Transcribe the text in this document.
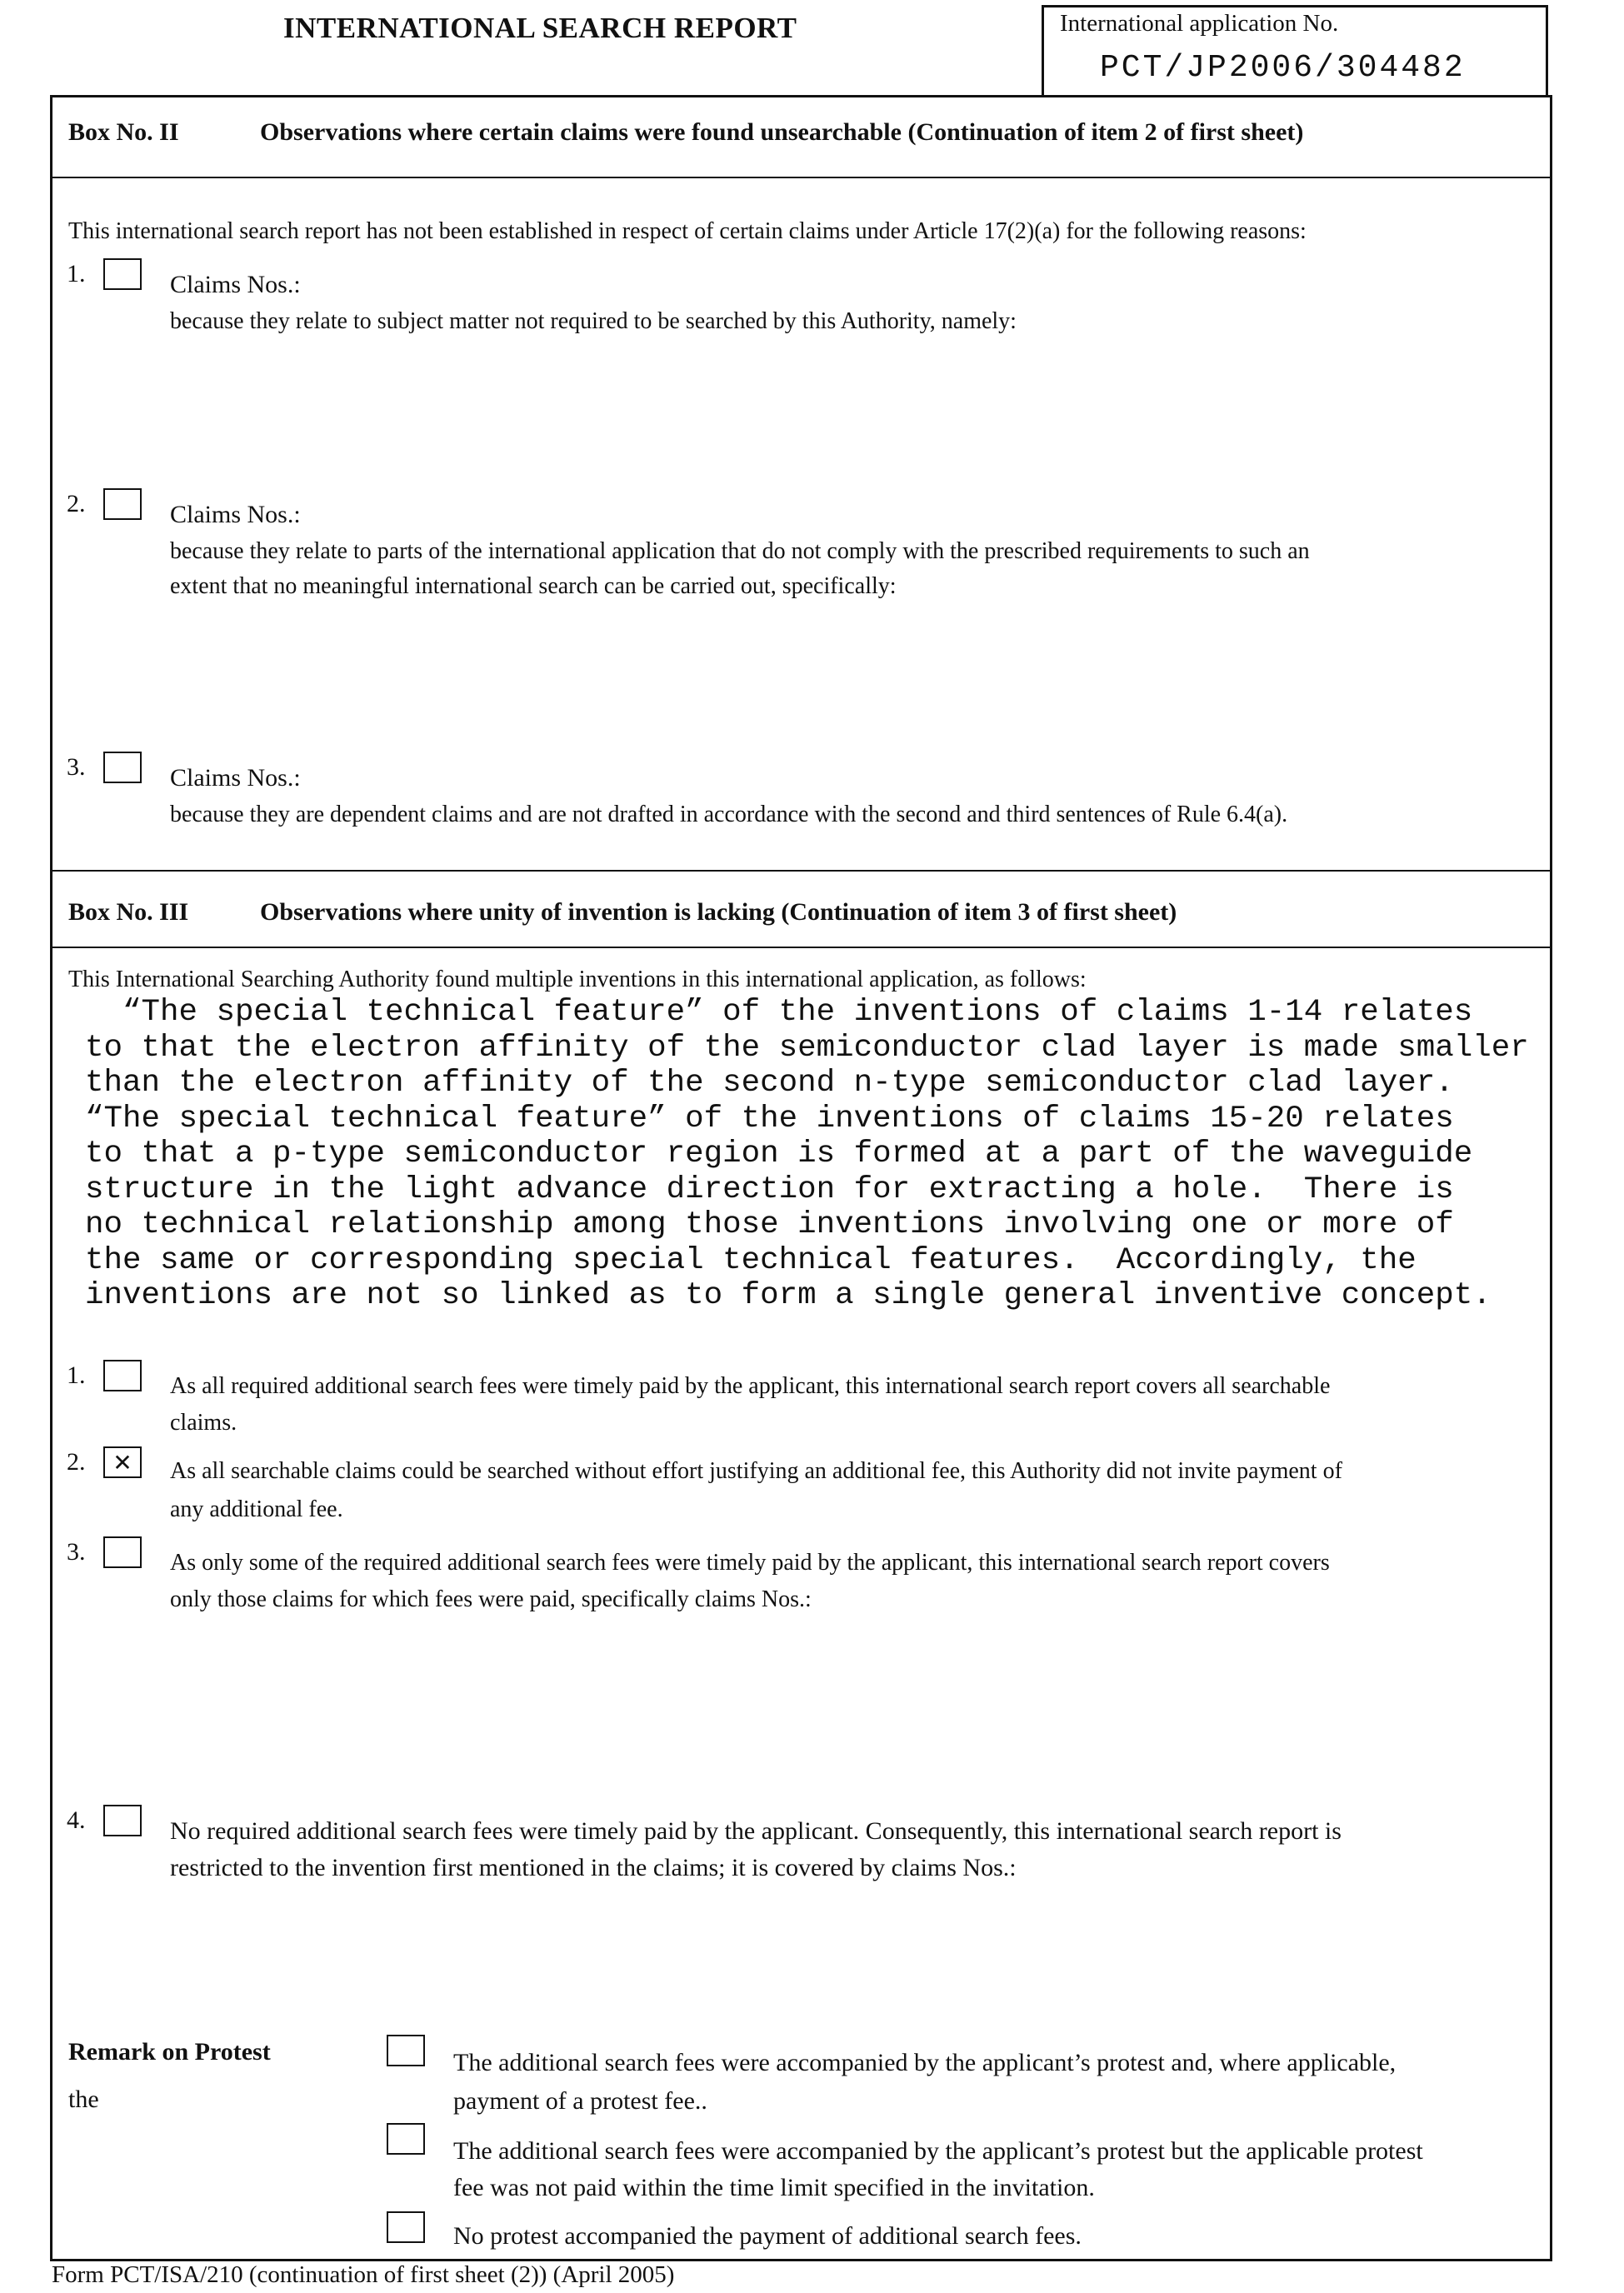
INTERNATIONAL SEARCH REPORT	International application No.
PCT/JP2006/304482
Box No. II	Observations where certain claims were found unsearchable (Continuation of item 2 of first sheet)
This international search report has not been established in respect of certain claims under Article 17(2)(a) for the following reasons:
1.	Claims Nos.:
because they relate to subject matter not required to be searched by this Authority, namely:
2.	Claims Nos.:
because they relate to parts of the international application that do not comply with the prescribed requirements to such an
extent that no meaningful international search can be carried out, specifically:
3.	Claims Nos.:
because they are dependent claims and are not drafted in accordance with the second and third sentences of Rule 6.4(a).
Box No. III	Observations where unity of invention is lacking (Continuation of item 3 of first sheet)
This International Searching Authority found multiple inventions in this international application, as follows:
“The special technical feature” of the inventions of claims 1-14 relates
to that the electron affinity of the semiconductor clad layer is made smaller
than the electron affinity of the second n-type semiconductor clad layer.
“The special technical feature” of the inventions of claims 15-20 relates
to that a p-type semiconductor region is formed at a part of the waveguide
structure in the light advance direction for extracting a hole.  There is
no technical relationship among those inventions involving one or more of
the same or corresponding special technical features.  Accordingly, the
inventions are not so linked as to form a single general inventive concept.
1.	As all required additional search fees were timely paid by the applicant, this international search report covers all searchable
claims.
2. ✕ As all searchable claims could be searched without effort justifying an additional fee, this Authority did not invite payment of
any additional fee.
3.	As only some of the required additional search fees were timely paid by the applicant, this international search report covers
only those claims for which fees were paid, specifically claims Nos.:
4.	No required additional search fees were timely paid by the applicant. Consequently, this international search report is
restricted to the invention first mentioned in the claims; it is covered by claims Nos.:
Remark on Protest
the
The additional search fees were accompanied by the applicant’s protest and, where applicable,
payment of a protest fee..
The additional search fees were accompanied by the applicant’s protest but the applicable protest
fee was not paid within the time limit specified in the invitation.
No protest accompanied the payment of additional search fees.
Form PCT/ISA/210 (continuation of first sheet (2)) (April 2005)
